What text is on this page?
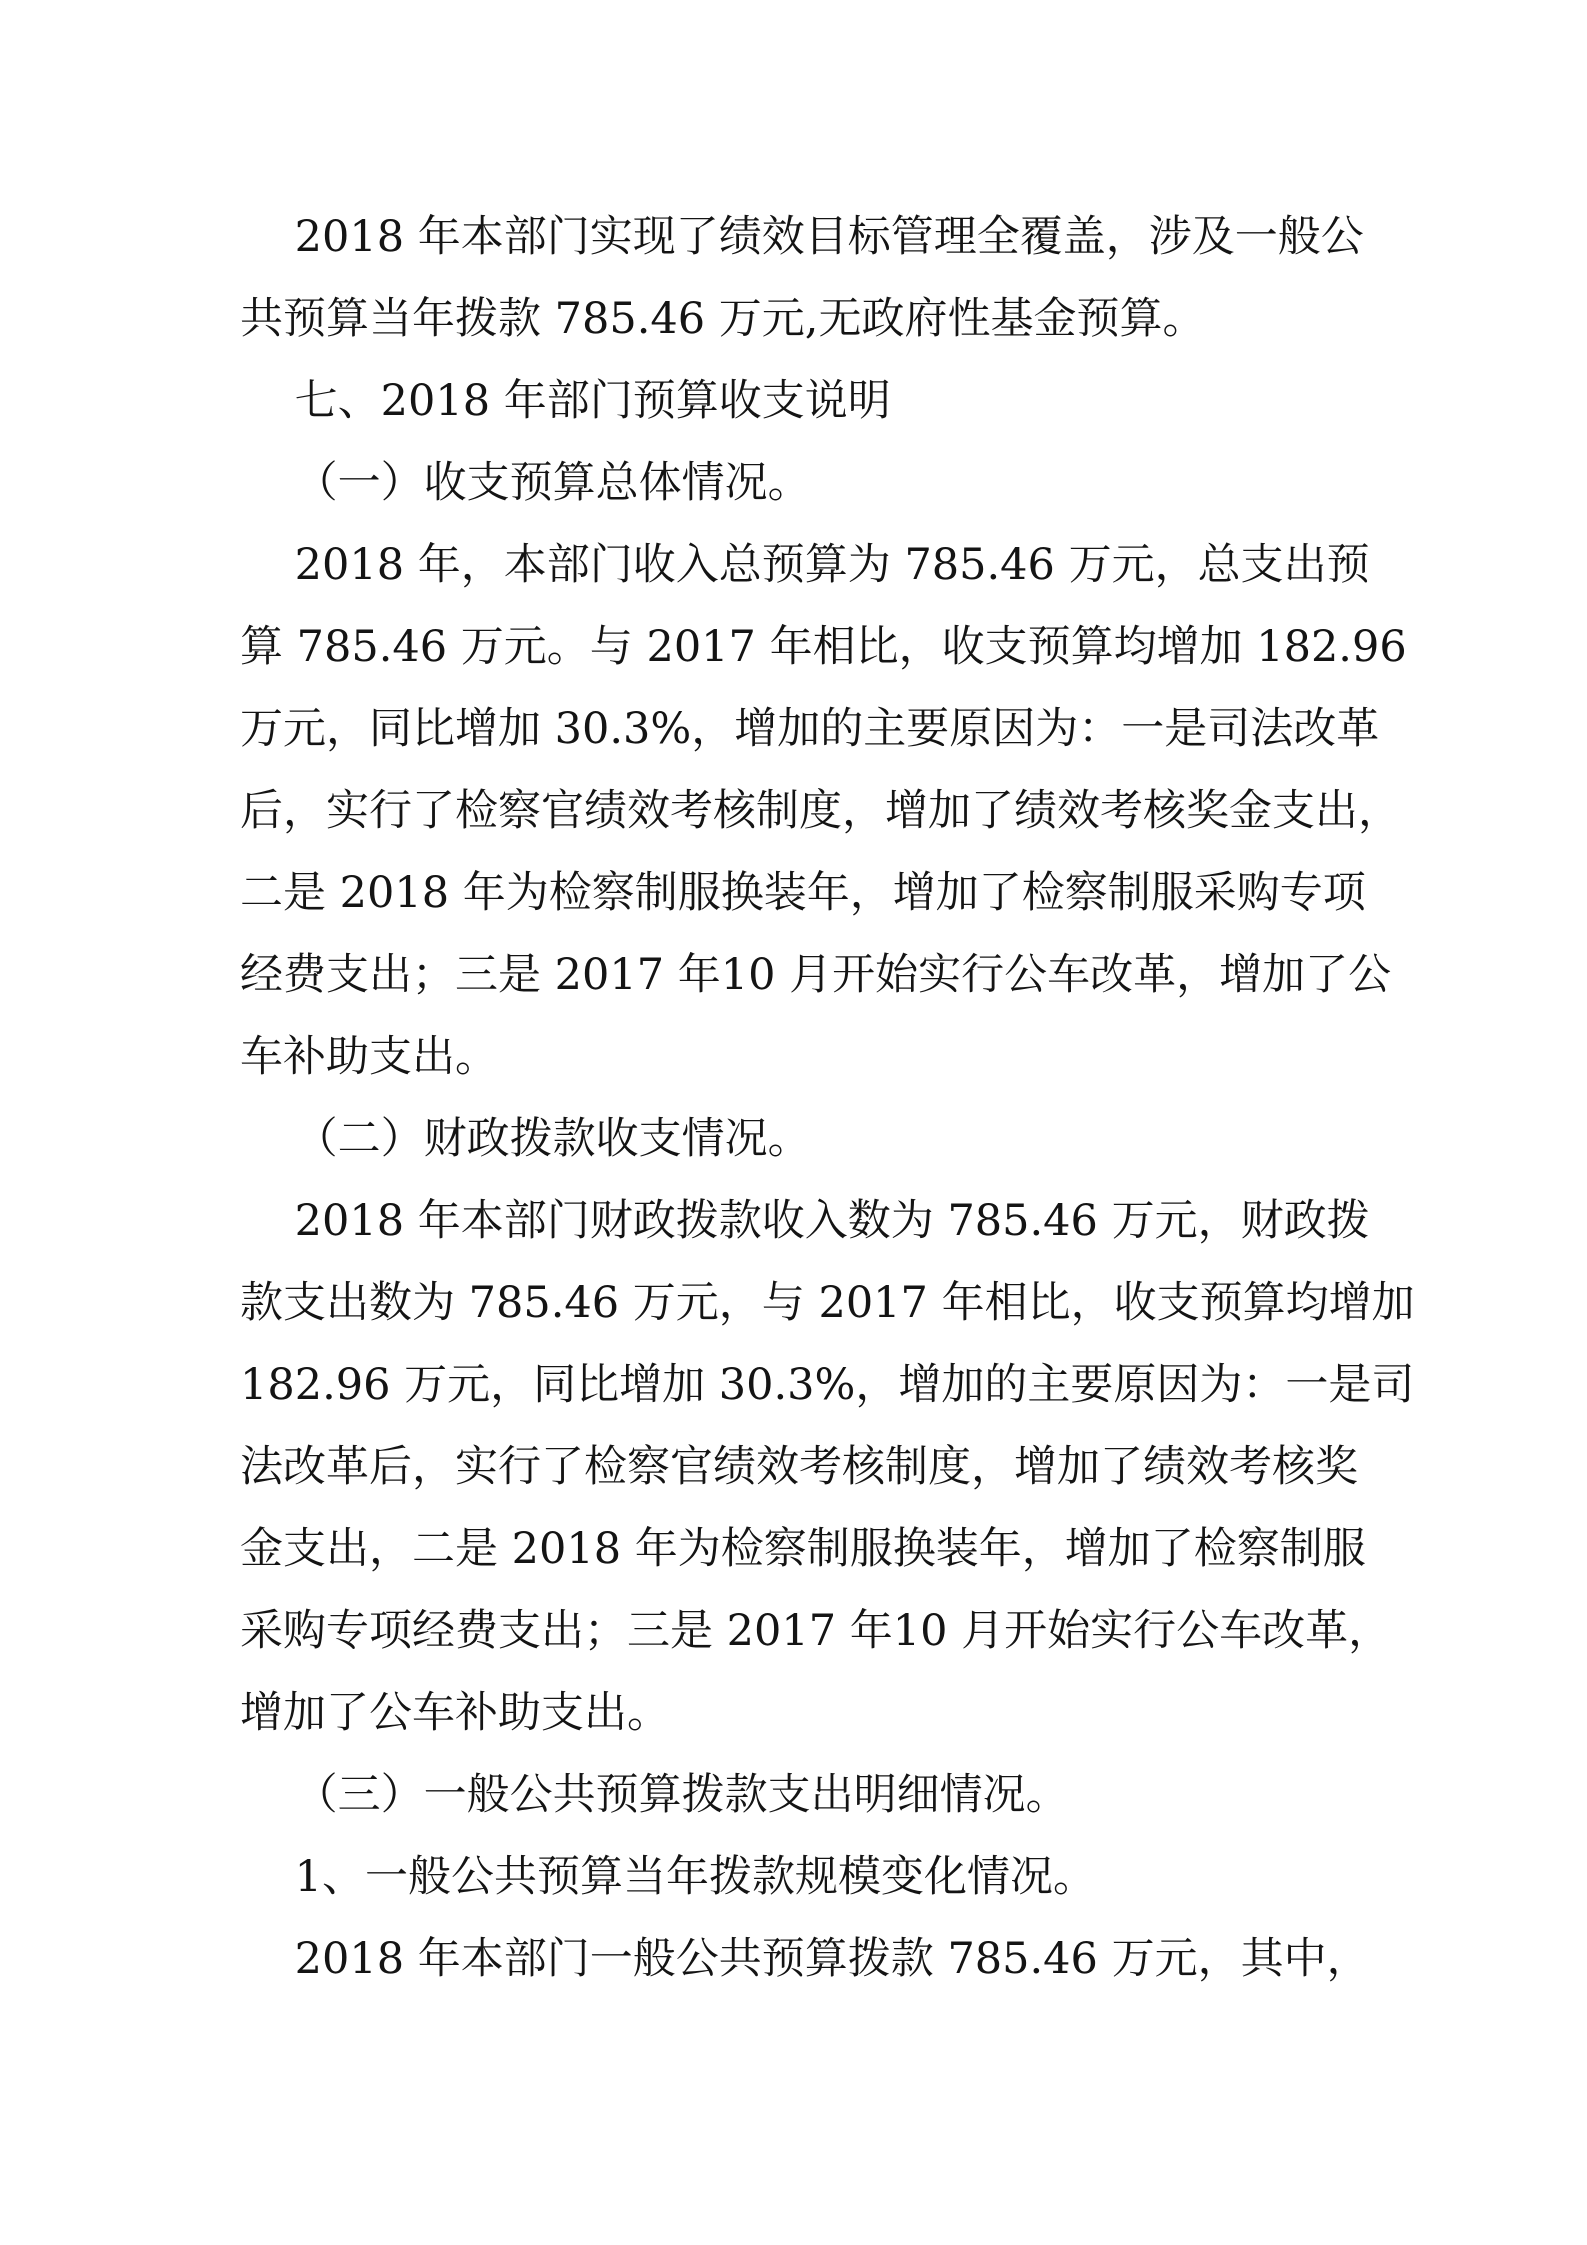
2018 年本部门实现了绩效目标管理全覆盖，涉及一般公

共预算当年拨款 785.46 万元,无政府性基金预算。

七、2018 年部门预算收支说明

（一）收支预算总体情况。

2018 年，本部门收入总预算为 785.46 万元，总支出预

算 785.46 万元。与 2017 年相比，收支预算均增加 182.96

万元，同比增加 30.3%，增加的主要原因为：一是司法改革

后，实行了检察官绩效考核制度，增加了绩效考核奖金支出，

二是 2018 年为检察制服换装年，增加了检察制服采购专项

经费支出；三是 2017 年10 月开始实行公车改革，增加了公

车补助支出。

（二）财政拨款收支情况。

2018 年本部门财政拨款收入数为 785.46 万元，财政拨

款支出数为 785.46 万元，与 2017 年相比，收支预算均增加

182.96 万元，同比增加 30.3%，增加的主要原因为：一是司

法改革后，实行了检察官绩效考核制度，增加了绩效考核奖

金支出，二是 2018 年为检察制服换装年，增加了检察制服

采购专项经费支出；三是 2017 年10 月开始实行公车改革，

增加了公车补助支出。

（三）一般公共预算拨款支出明细情况。

1、一般公共预算当年拨款规模变化情况。

2018 年本部门一般公共预算拨款 785.46 万元，其中，
